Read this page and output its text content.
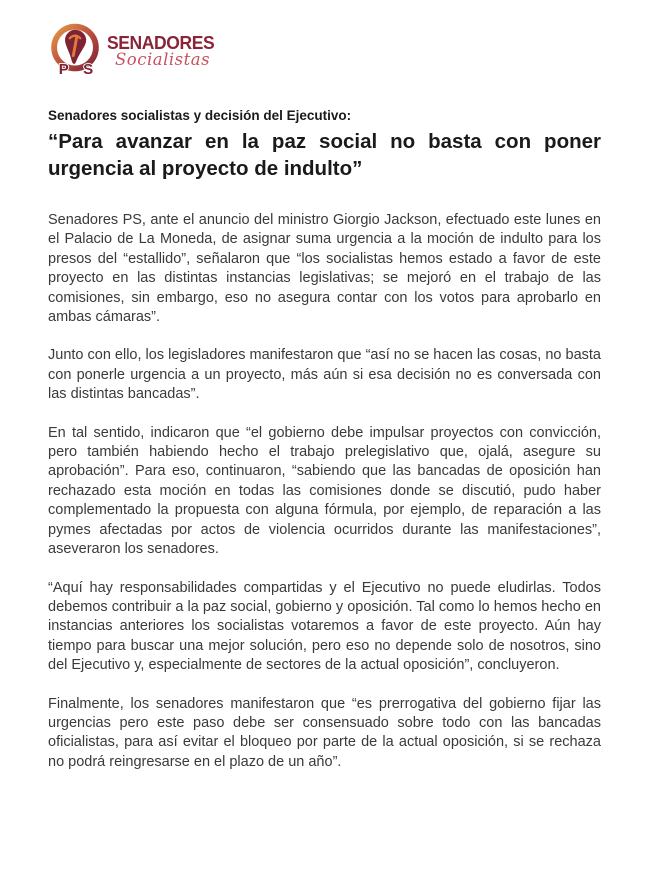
P S
SENADORES
Socialistas

Senadores socialistas y decisión del Ejecutivo:

“Para avanzar en la paz social no basta con poner urgencia al proyecto de indulto”

Senadores PS, ante el anuncio del ministro Giorgio Jackson, efectuado este lunes en el Palacio de La Moneda, de asignar suma urgencia a la moción de indulto para los presos del “estallido”, señalaron que “los socialistas hemos estado a favor de este proyecto en las distintas instancias legislativas; se mejoró en el trabajo de las comisiones, sin embargo, eso no asegura contar con los votos para aprobarlo en ambas cámaras”.

Junto con ello, los legisladores manifestaron que “así no se hacen las cosas, no basta con ponerle urgencia a un proyecto, más aún si esa decisión no es conversada con las distintas bancadas”.

En tal sentido, indicaron que “el gobierno debe impulsar proyectos con convicción, pero también habiendo hecho el trabajo prelegislativo que, ojalá, asegure su aprobación”. Para eso, continuaron, “sabiendo que las bancadas de oposición han rechazado esta moción en todas las comisiones donde se discutió, pudo haber complementado la propuesta con alguna fórmula, por ejemplo, de reparación a las pymes afectadas por actos de violencia ocurridos durante las manifestaciones”, aseveraron los senadores.

“Aquí hay responsabilidades compartidas y el Ejecutivo no puede eludirlas. Todos debemos contribuir a la paz social, gobierno y oposición. Tal como lo hemos hecho en instancias anteriores los socialistas votaremos a favor de este proyecto. Aún hay tiempo para buscar una mejor solución, pero eso no depende solo de nosotros, sino del Ejecutivo y, especialmente de sectores de la actual oposición”, concluyeron.

Finalmente, los senadores manifestaron que “es prerrogativa del gobierno fijar las urgencias pero este paso debe ser consensuado sobre todo con las bancadas oficialistas, para así evitar el bloqueo por parte de la actual oposición, si se rechaza no podrá reingresarse en el plazo de un año”.
